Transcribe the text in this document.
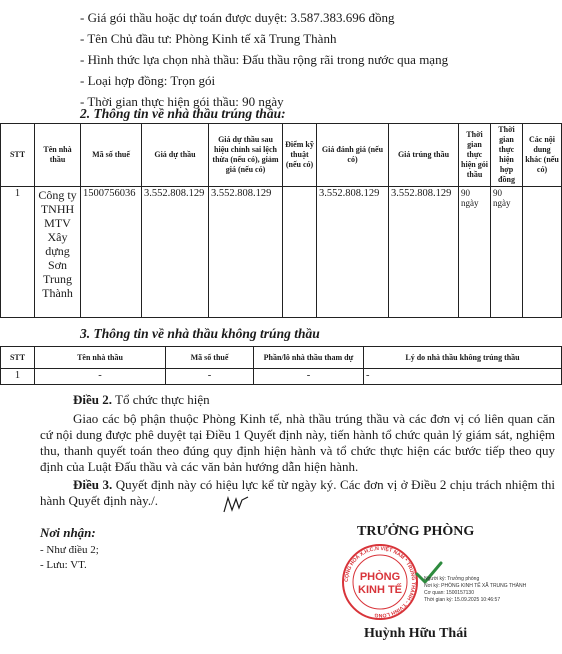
- Giá gói thầu hoặc dự toán được duyệt: 3.587.383.696 đồng
- Tên Chủ đầu tư: Phòng Kinh tế xã Trung Thành
- Hình thức lựa chọn nhà thầu: Đấu thầu rộng rãi trong nước qua mạng
- Loại hợp đồng: Trọn gói
- Thời gian thực hiện gói thầu: 90 ngày
2. Thông tin về nhà thầu trúng thầu:
STT	Tên nhà thầu	Mã số thuế	Giá dự thầu	Giá dự thầu sau hiệu chỉnh sai lệch thừa (nếu có), giảm giá (nếu có)	Điểm kỹ thuật (nếu có)	Giá đánh giá (nếu có)	Giá trúng thầu	Thời gian thực hiện gói thầu	Thời gian thực hiện hợp đồng	Các nội dung khác (nếu có)
1	Công ty TNHH MTV Xây dựng Sơn Trung Thành	1500756036	3.552.808.129	3.552.808.129		3.552.808.129	3.552.808.129	90 ngày	90 ngày	
3. Thông tin về nhà thầu không trúng thầu
STT	Tên nhà thầu	Mã số thuế	Phần/lô nhà thầu tham dự	Lý do nhà thầu không trúng thầu
1	-	-	-	-
Điều 2. Tổ chức thực hiện
Giao các bộ phận thuộc Phòng Kinh tế, nhà thầu trúng thầu và các đơn vị có liên quan căn cứ nội dung được phê duyệt tại Điều 1 Quyết định này, tiến hành tổ chức quản lý giám sát, nghiệm thu, thanh quyết toán theo đúng quy định hiện hành và tổ chức thực hiện các bước tiếp theo quy định của Luật Đấu thầu và các văn bản hướng dẫn hiện hành.
Điều 3. Quyết định này có hiệu lực kể từ ngày ký. Các đơn vị ở Điều 2 chịu trách nhiệm thi hành Quyết định này./.
Nơi nhận:
- Như điều 2;
- Lưu: VT.
TRƯỞNG PHÒNG
CỘNG HOÀ X.H.C.N VIỆT NAM * TRUNG THÀNH - T.VĨNH LONG
PHÒNG
KINH TẾ
Người ký: Trưởng phòng
Nơi ký: PHÒNG KINH TẾ XÃ TRUNG THÀNH
Cơ quan: 1500157130
Thời gian ký: 15.09.2025 10:46:57
Huỳnh Hữu Thái
